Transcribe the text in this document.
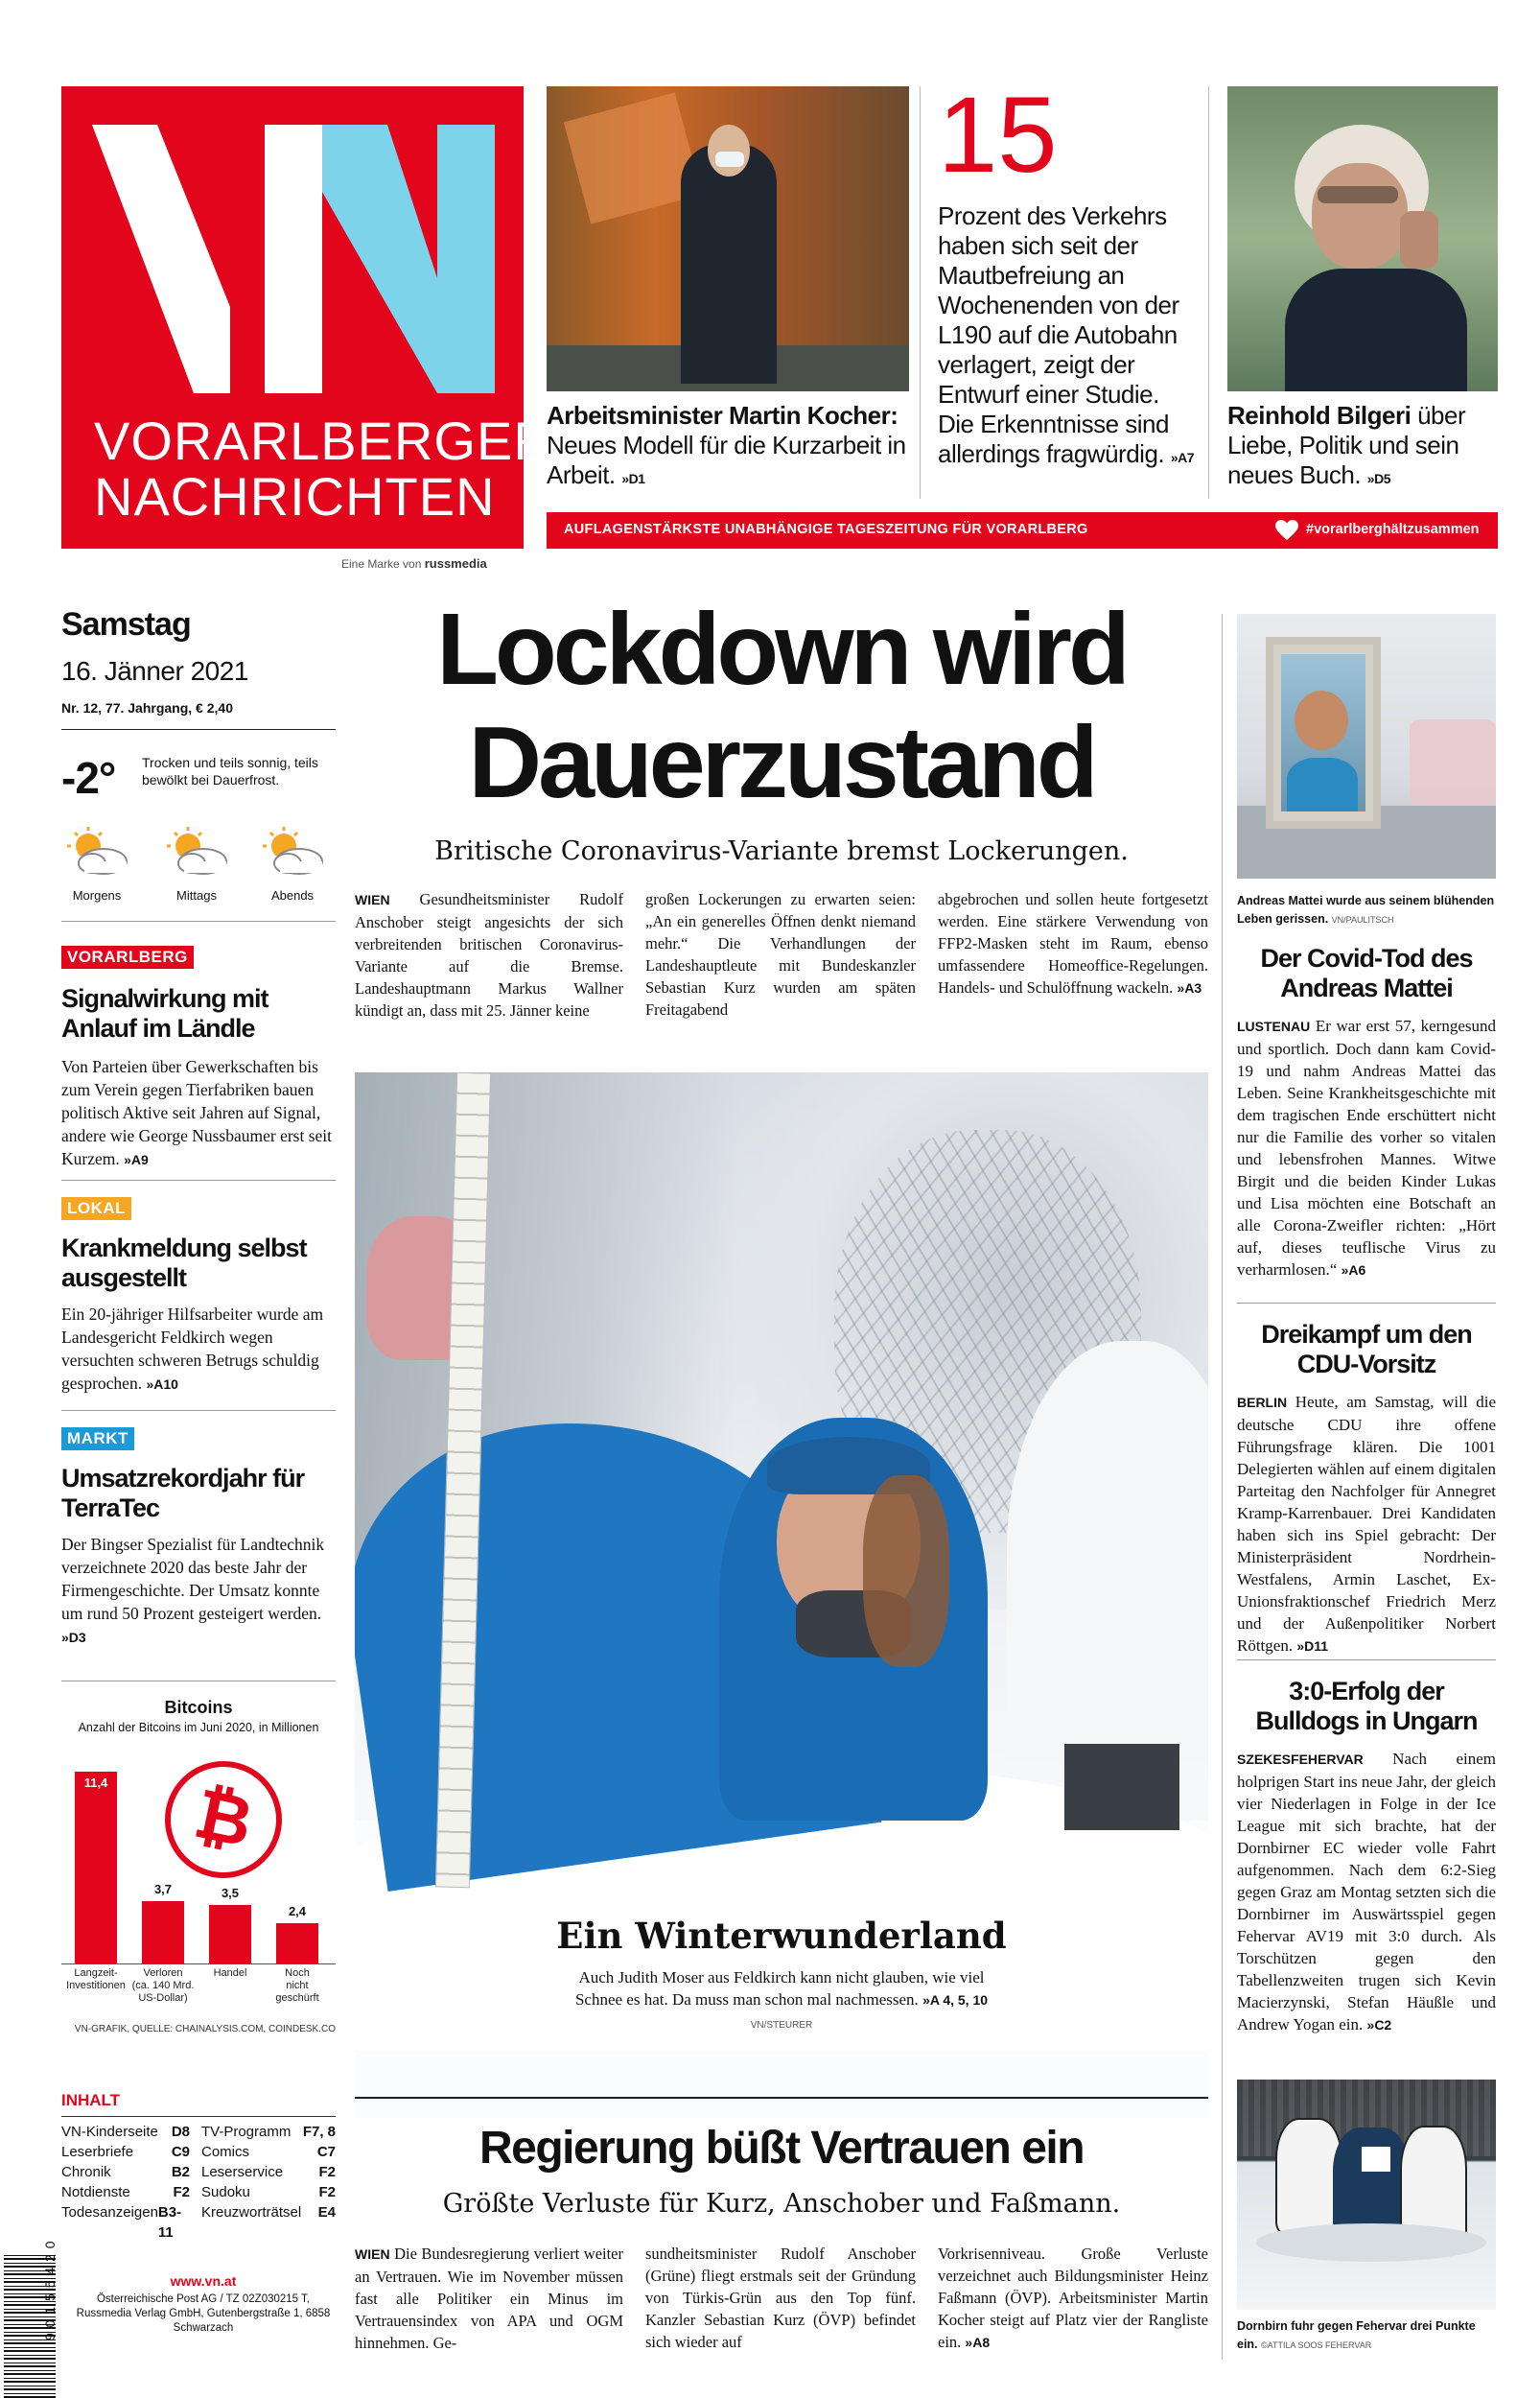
VORARLBERGER
NACHRICHTEN
Eine Marke von russmedia
Arbeitsminister Martin Kocher: Neues Modell für die Kurzarbeit in Arbeit. »D1
15
Prozent des Verkehrs haben sich seit der Mautbefreiung an Wochenenden von der L190 auf die Autobahn verlagert, zeigt der Entwurf einer Studie. Die Erkenntnisse sind allerdings fragwürdig. »A7
Reinhold Bilgeri über Liebe, Politik und sein neues Buch. »D5
AUFLAGENSTÄRKSTE UNABHÄNGIGE TAGESZEITUNG FÜR VORARLBERG	#vorarlberghältzusammen
Samstag
16. Jänner 2021
Nr. 12, 77. Jahrgang, € 2,40
-2° Trocken und teils sonnig, teils bewölkt bei Dauerfrost.
Morgens	Mittags	Abends
VORARLBERG
Signalwirkung mit Anlauf im Ländle
Von Parteien über Gewerkschaften bis zum Verein gegen Tierfabriken bauen politisch Aktive seit Jahren auf Signal, andere wie George Nussbaumer erst seit Kurzem. »A9
LOKAL
Krankmeldung selbst ausgestellt
Ein 20-jähriger Hilfsarbeiter wurde am Landesgericht Feldkirch wegen versuchten schweren Betrugs schuldig gesprochen. »A10
MARKT
Umsatzrekordjahr für TerraTec
Der Bingser Spezialist für Landtechnik verzeichnete 2020 das beste Jahr der Firmengeschichte. Der Umsatz konnte um rund 50 Prozent gesteigert werden. »D3
Bitcoins
Anzahl der Bitcoins im Juni 2020, in Millionen
11,4
Langzeit-
Investitionen
3,7
Verloren
(ca. 140 Mrd.
US-Dollar)
3,5
Handel
2,4
Noch
nicht
geschürft
₿
VN-GRAFIK, QUELLE: CHAINALYSIS.COM, COINDESK.CO
INHALT
VN-Kinderseite D8
Leserbriefe	C9
Chronik	B2
Notdienste	F2
Todesanzeigen B3-11
TV-Programm F7, 8
Comics	C7
Leserservice F2
Sudoku	F2
Kreuzworträtsel E4
9 0 1 5 5 4 2 0	www.vn.at
Österreichische Post AG / TZ 02Z030215 T, Russmedia Verlag GmbH, Gutenbergstraße 1, 6858 Schwarzach
Lockdown wird
Dauerzustand
Britische Coronavirus-Variante bremst Lockerungen.
WIEN Gesundheitsminister Rudolf Anschober steigt angesichts der sich verbreitenden britischen Coronavirus-Variante auf die Bremse. Landeshauptmann Markus Wallner kündigt an, dass mit 25. Jänner keine
großen Lockerungen zu erwarten seien: „An ein generelles Öffnen denkt niemand mehr.“ Die Verhandlungen der Landeshauptleute mit Bundeskanzler Sebastian Kurz wurden am späten Freitagabend
abgebrochen und sollen heute fortgesetzt werden. Eine stärkere Verwendung von FFP2-Masken steht im Raum, ebenso umfassendere Homeoffice-Regelungen. Handels- und Schulöffnung wackeln. »A3
Ein Winterwunderland
Auch Judith Moser aus Feldkirch kann nicht glauben, wie viel Schnee es hat. Da muss man schon mal nachmessen. »A 4, 5, 10 VN/STEURER
Regierung büßt Vertrauen ein
Größte Verluste für Kurz, Anschober und Faßmann.
WIEN Die Bundesregierung verliert weiter an Vertrauen. Wie im November müssen fast alle Politiker ein Minus im Vertrauensindex von APA und OGM hinnehmen. Ge-
sundheitsminister Rudolf Anschober (Grüne) fliegt erstmals seit der Gründung von Türkis-Grün aus den Top fünf. Kanzler Sebastian Kurz (ÖVP) befindet sich wieder auf
Vorkrisenniveau. Große Verluste verzeichnet auch Bildungsminister Heinz Faßmann (ÖVP). Arbeitsminister Martin Kocher steigt auf Platz vier der Rangliste ein. »A8
Andreas Mattei wurde aus seinem blühenden Leben gerissen. VN/PAULITSCH
Der Covid-Tod des Andreas Mattei
LUSTENAU Er war erst 57, kerngesund und sportlich. Doch dann kam Covid-19 und nahm Andreas Mattei das Leben. Seine Krankheitsgeschichte mit dem tragischen Ende erschüttert nicht nur die Familie des vorher so vitalen und lebensfrohen Mannes. Witwe Birgit und die beiden Kinder Lukas und Lisa möchten eine Botschaft an alle Corona-Zweifler richten: „Hört auf, dieses teuflische Virus zu verharmlosen.“ »A6
Dreikampf um den CDU-Vorsitz
BERLIN Heute, am Samstag, will die deutsche CDU ihre offene Führungsfrage klären. Die 1001 Delegierten wählen auf einem digitalen Parteitag den Nachfolger für Annegret Kramp-Karrenbauer. Drei Kandidaten haben sich ins Spiel gebracht: Der Ministerpräsident Nordrhein-Westfalens, Armin Laschet, Ex-Unionsfraktionschef Friedrich Merz und der Außenpolitiker Norbert Röttgen. »D11
3:0-Erfolg der Bulldogs in Ungarn
SZEKESFEHERVAR Nach einem holprigen Start ins neue Jahr, der gleich vier Niederlagen in Folge in der Ice League mit sich brachte, hat der Dornbirner EC wieder volle Fahrt aufgenommen. Nach dem 6:2-Sieg gegen Graz am Montag setzten sich die Dornbirner im Auswärtsspiel gegen Fehervar AV19 mit 3:0 durch. Als Torschützen gegen den Tabellenzweiten trugen sich Kevin Macierzynski, Stefan Häußle und Andrew Yogan ein. »C2
Dornbirn fuhr gegen Fehervar drei Punkte ein. ©ATTILA SOOS FEHERVAR
